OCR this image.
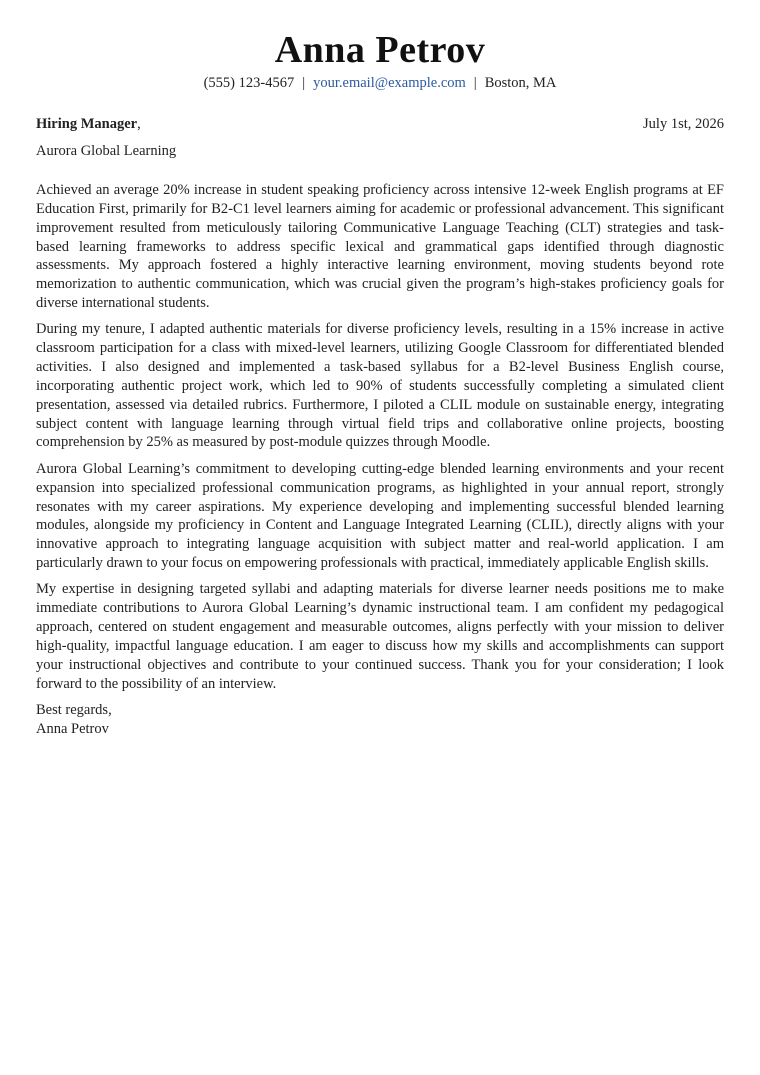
Anna Petrov
(555) 123-4567 | your.email@example.com | Boston, MA
Hiring Manager,	July 1st, 2026
Aurora Global Learning

Achieved an average 20% increase in student speaking proficiency across intensive 12-week English programs at EF Education First, primarily for B2-C1 level learners aiming for academic or professional advancement. This significant improvement resulted from meticulously tailoring Communicative Language Teaching (CLT) strategies and task-based learning frameworks to address specific lexical and grammatical gaps identified through diagnostic assessments. My approach fostered a highly interactive learning environment, moving students beyond rote memorization to authentic communication, which was crucial given the program’s high-stakes proficiency goals for diverse international students.

During my tenure, I adapted authentic materials for diverse proficiency levels, resulting in a 15% increase in active classroom participation for a class with mixed-level learners, utilizing Google Classroom for differentiated blended activities. I also designed and implemented a task-based syllabus for a B2-level Business English course, incorporating authentic project work, which led to 90% of students successfully completing a simulated client presentation, assessed via detailed rubrics. Furthermore, I piloted a CLIL module on sustainable energy, integrating subject content with language learning through virtual field trips and collaborative online projects, boosting comprehension by 25% as measured by post-module quizzes through Moodle.

Aurora Global Learning’s commitment to developing cutting-edge blended learning environments and your recent expansion into specialized professional communication programs, as highlighted in your annual report, strongly resonates with my career aspirations. My experience developing and implementing successful blended learning modules, alongside my proficiency in Content and Language Integrated Learning (CLIL), directly aligns with your innovative approach to integrating language acquisition with subject matter and real-world application. I am particularly drawn to your focus on empowering professionals with practical, immediately applicable English skills.

My expertise in designing targeted syllabi and adapting materials for diverse learner needs positions me to make immediate contributions to Aurora Global Learning’s dynamic instructional team. I am confident my pedagogical approach, centered on student engagement and measurable outcomes, aligns perfectly with your mission to deliver high-quality, impactful language education. I am eager to discuss how my skills and accomplishments can support your instructional objectives and contribute to your continued success. Thank you for your consideration; I look forward to the possibility of an interview.

Best regards,
Anna Petrov
